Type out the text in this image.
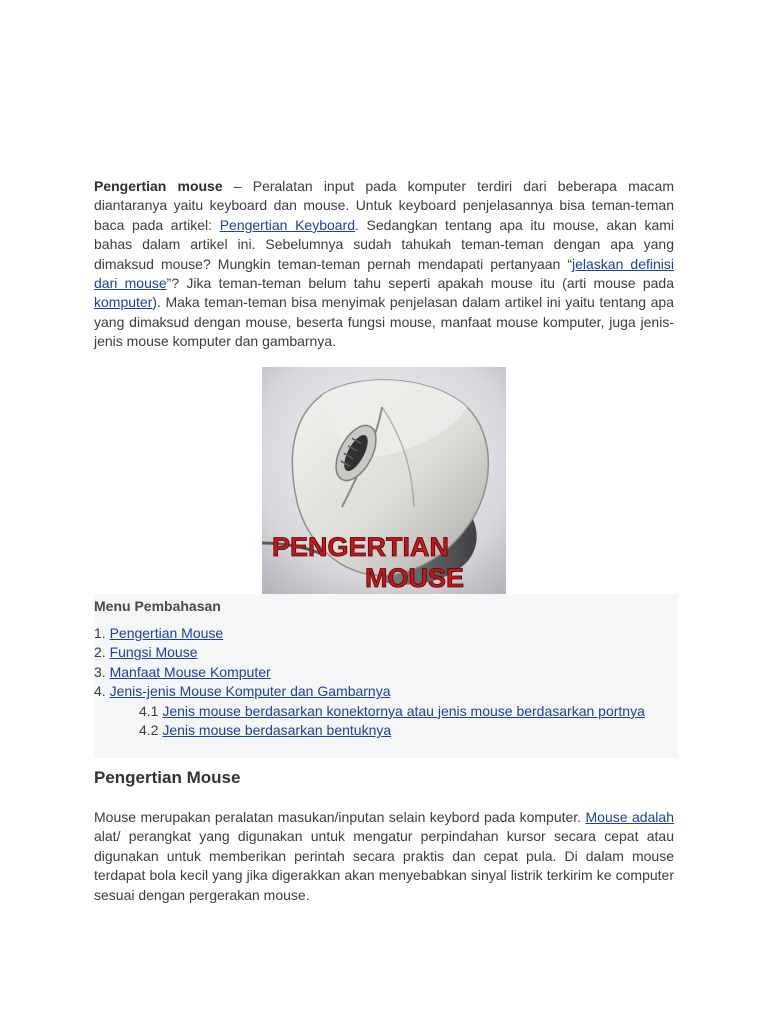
Pengertian mouse – Peralatan input pada komputer terdiri dari beberapa macam diantaranya yaitu keyboard dan mouse. Untuk keyboard penjelasannya bisa teman-teman baca pada artikel: Pengertian Keyboard. Sedangkan tentang apa itu mouse, akan kami bahas dalam artikel ini. Sebelumnya sudah tahukah teman-teman dengan apa yang dimaksud mouse? Mungkin teman-teman pernah mendapati pertanyaan “jelaskan definisi dari mouse”? Jika teman-teman belum tahu seperti apakah mouse itu (arti mouse pada komputer). Maka teman-teman bisa menyimak penjelasan dalam artikel ini yaitu tentang apa yang dimaksud dengan mouse, beserta fungsi mouse, manfaat mouse komputer, juga jenis-jenis mouse komputer dan gambarnya.

PENGERTIAN
MOUSE
Menu Pembahasan
1. Pengertian Mouse
2. Fungsi Mouse
3. Manfaat Mouse Komputer
4. Jenis-jenis Mouse Komputer dan Gambarnya
4.1 Jenis mouse berdasarkan konektornya atau jenis mouse berdasarkan portnya
4.2 Jenis mouse berdasarkan bentuknya
Pengertian Mouse

Mouse merupakan peralatan masukan/inputan selain keybord pada komputer. Mouse adalah alat/ perangkat yang digunakan untuk mengatur perpindahan kursor secara cepat atau digunakan untuk memberikan perintah secara praktis dan cepat pula. Di dalam mouse terdapat bola kecil yang jika digerakkan akan menyebabkan sinyal listrik terkirim ke computer sesuai dengan pergerakan mouse.
